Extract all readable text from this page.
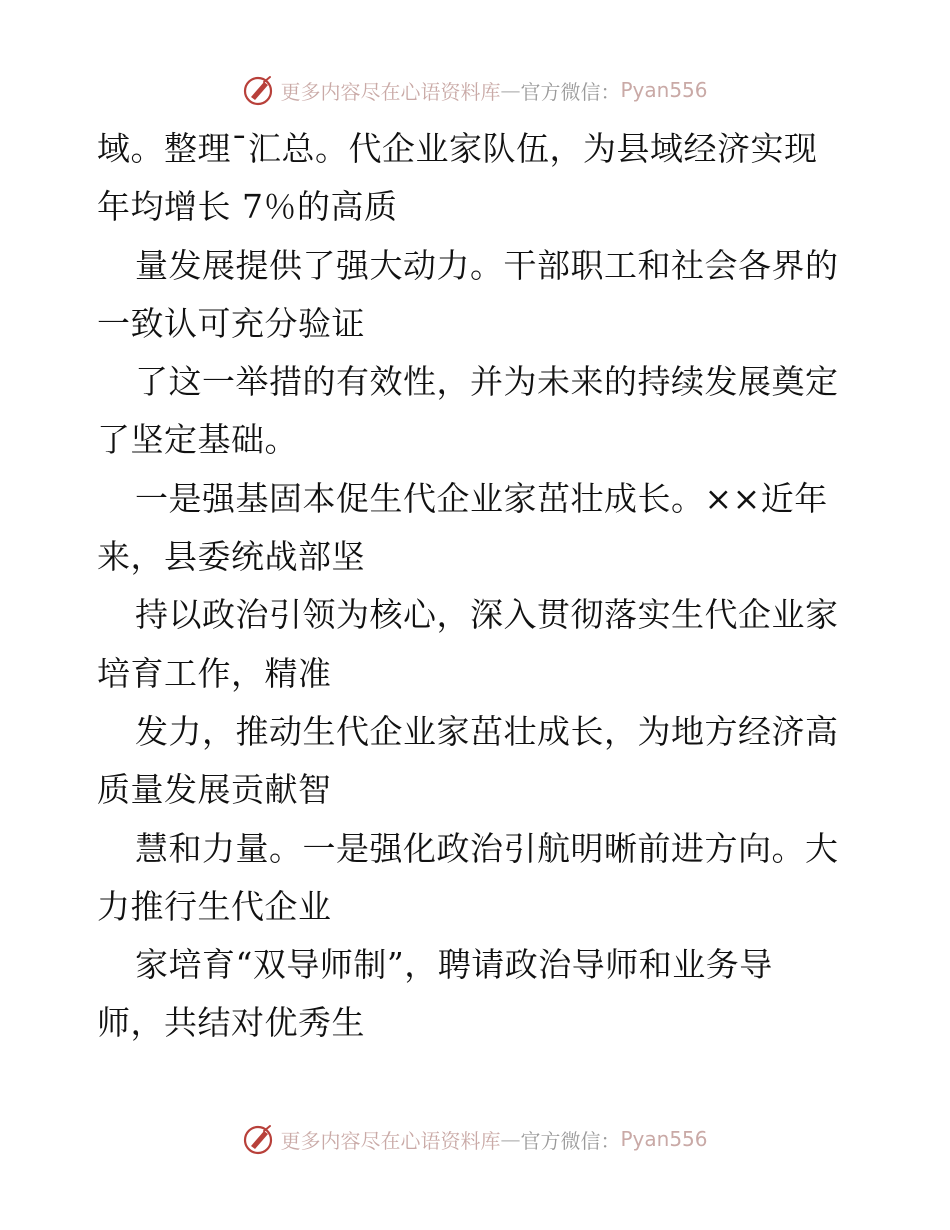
更多内容尽在心语资料库 — 官方微信： Pyan556
域。整理¯汇总。代企业家队伍，为县域经济实现
年均增长 7％的高质
量发展提供了强大动力。干部职工和社会各界的
一致认可充分验证
了这一举措的有效性，并为未来的持续发展奠定
了坚定基础。
一是强基固本促生代企业家茁壮成长。××近年
来，县委统战部坚
持以政治引领为核心，深入贯彻落实生代企业家
培育工作，精准
发力，推动生代企业家茁壮成长，为地方经济高
质量发展贡献智
慧和力量。一是强化政治引航明晰前进方向。大
力推行生代企业
家培育“双导师制”，聘请政治导师和业务导
师，共结对优秀生
更多内容尽在心语资料库 — 官方微信： Pyan556
